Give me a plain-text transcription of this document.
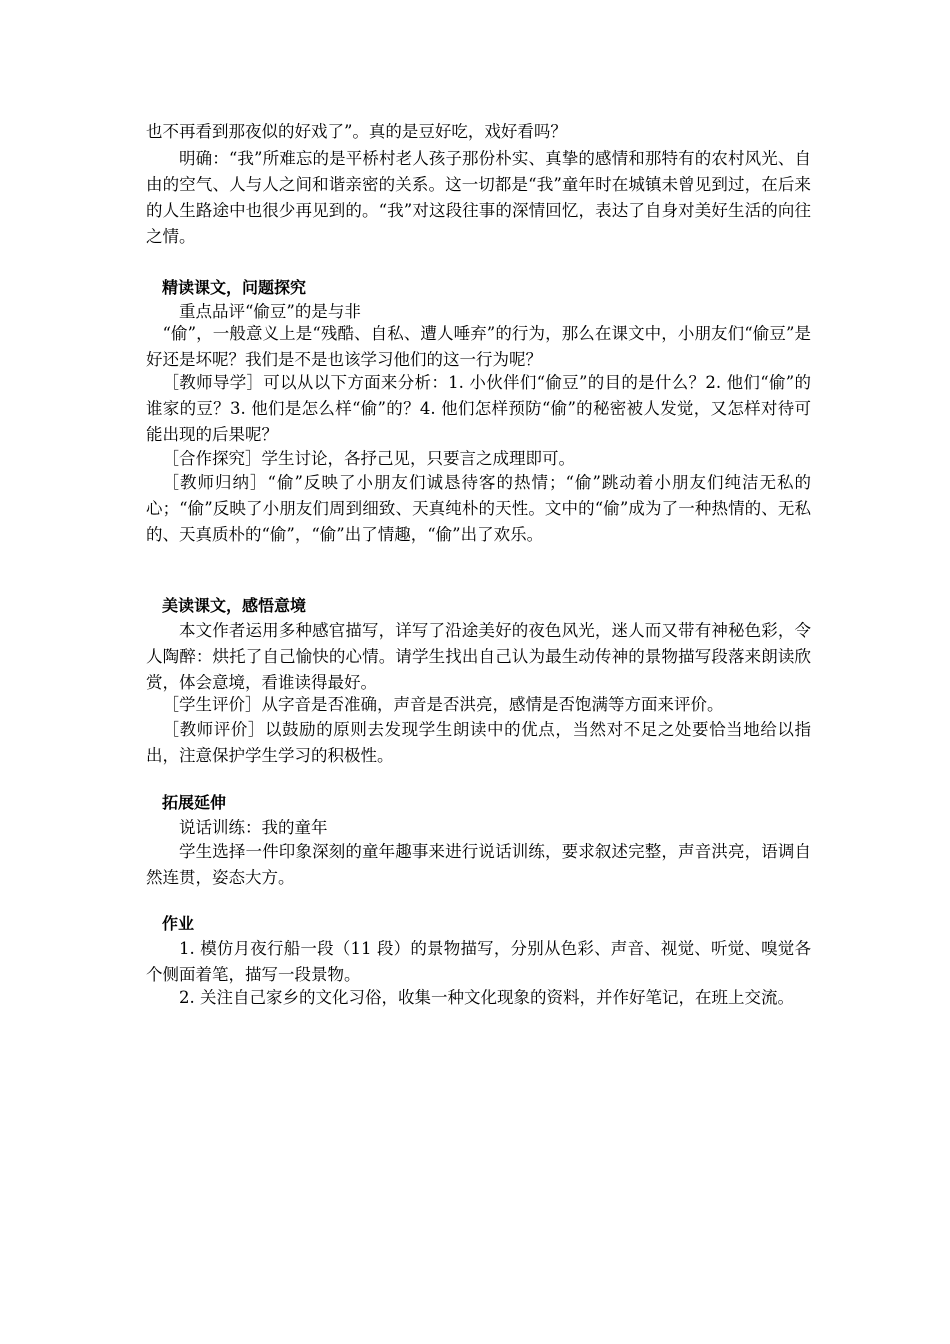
也不再看到那夜似的好戏了”。真的是豆好吃，戏好看吗？

明确：“我”所难忘的是平桥村老人孩子那份朴实、真挚的感情和那特有的农村风光、自由的空气、人与人之间和谐亲密的关系。这一切都是“我”童年时在城镇未曾见到过，在后来的人生路途中也很少再见到的。“我”对这段往事的深情回忆，表达了自身对美好生活的向往之情。

精读课文，问题探究

重点品评“偷豆”的是与非

“偷”，一般意义上是“残酷、自私、遭人唾弃”的行为，那么在课文中，小朋友们“偷豆”是好还是坏呢？我们是不是也该学习他们的这一行为呢？

［教师导学］可以从以下方面来分析：1. 小伙伴们“偷豆”的目的是什么？2. 他们“偷”的谁家的豆？3. 他们是怎么样“偷”的？4. 他们怎样预防“偷”的秘密被人发觉，又怎样对待可能出现的后果呢？

［合作探究］学生讨论，各抒己见，只要言之成理即可。

［教师归纳］“偷”反映了小朋友们诚恳待客的热情；“偷”跳动着小朋友们纯洁无私的心；“偷”反映了小朋友们周到细致、天真纯朴的天性。文中的“偷”成为了一种热情的、无私的、天真质朴的“偷”，“偷”出了情趣，“偷”出了欢乐。

美读课文，感悟意境

本文作者运用多种感官描写，详写了沿途美好的夜色风光，迷人而又带有神秘色彩，令人陶醉：烘托了自己愉快的心情。请学生找出自己认为最生动传神的景物描写段落来朗读欣赏，体会意境，看谁读得最好。

［学生评价］从字音是否准确，声音是否洪亮，感情是否饱满等方面来评价。

［教师评价］以鼓励的原则去发现学生朗读中的优点，当然对不足之处要恰当地给以指出，注意保护学生学习的积极性。

拓展延伸

说话训练：我的童年

学生选择一件印象深刻的童年趣事来进行说话训练，要求叙述完整，声音洪亮，语调自然连贯，姿态大方。

作业

1. 模仿月夜行船一段（11 段）的景物描写，分别从色彩、声音、视觉、听觉、嗅觉各个侧面着笔，描写一段景物。

2. 关注自己家乡的文化习俗，收集一种文化现象的资料，并作好笔记，在班上交流。
